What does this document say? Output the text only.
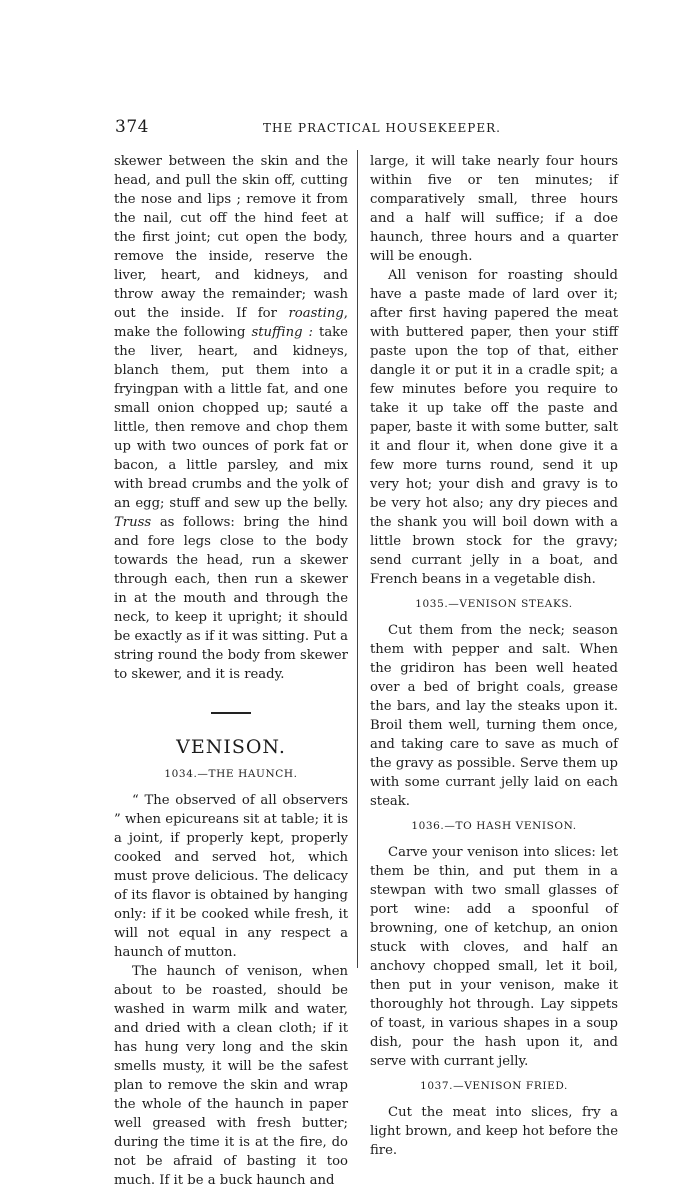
374	THE PRACTICAL HOUSEKEEPER.

skewer between the skin and the head, and pull the skin off, cutting the nose and lips ; remove it from the nail, cut off the hind feet at the first joint; cut open the body, remove the inside, reserve the liver, heart, and kidneys, and throw away the remainder; wash out the inside. If for roasting, make the following stuffing : take the liver, heart, and kidneys, blanch them, put them into a fryingpan with a little fat, and one small onion chopped up; sauté a little, then remove and chop them up with two ounces of pork fat or bacon, a little parsley, and mix with bread crumbs and the yolk of an egg; stuff and sew up the belly. Truss as follows: bring the hind and fore legs close to the body towards the head, run a skewer through each, then run a skewer in at the mouth and through the neck, to keep it upright; it should be exactly as if it was sitting. Put a string round the body from skewer to skewer, and it is ready.

VENISON.
1034.—THE HAUNCH.

“ The observed of all observers ” when epicureans sit at table; it is a joint, if properly kept, properly cooked and served hot, which must prove delicious. The delicacy of its flavor is obtained by hanging only: if it be cooked while fresh, it will not equal in any respect a haunch of mutton.

The haunch of venison, when about to be roasted, should be washed in warm milk and water, and dried with a clean cloth; if it has hung very long and the skin smells musty, it will be the safest plan to remove the skin and wrap the whole of the haunch in paper well greased with fresh butter; during the time it is at the fire, do not be afraid of basting it too much. If it be a buck haunch and

large, it will take nearly four hours within five or ten minutes; if comparatively small, three hours and a half will suffice; if a doe haunch, three hours and a quarter will be enough.

All venison for roasting should have a paste made of lard over it; after first having papered the meat with buttered paper, then your stiff paste upon the top of that, either dangle it or put it in a cradle spit; a few minutes before you require to take it up take off the paste and paper, baste it with some butter, salt it and flour it, when done give it a few more turns round, send it up very hot; your dish and gravy is to be very hot also; any dry pieces and the shank you will boil down with a little brown stock for the gravy; send currant jelly in a boat, and French beans in a vegetable dish.

1035.—VENISON STEAKS.

Cut them from the neck; season them with pepper and salt. When the gridiron has been well heated over a bed of bright coals, grease the bars, and lay the steaks upon it. Broil them well, turning them once, and taking care to save as much of the gravy as possible. Serve them up with some currant jelly laid on each steak.

1036.—TO HASH VENISON.

Carve your venison into slices: let them be thin, and put them in a stewpan with two small glasses of port wine: add a spoonful of browning, one of ketchup, an onion stuck with cloves, and half an anchovy chopped small, let it boil, then put in your venison, make it thoroughly hot through. Lay sippets of toast, in various shapes in a soup dish, pour the hash upon it, and serve with currant jelly.

1037.—VENISON FRIED.

Cut the meat into slices, fry a light brown, and keep hot before the fire.
